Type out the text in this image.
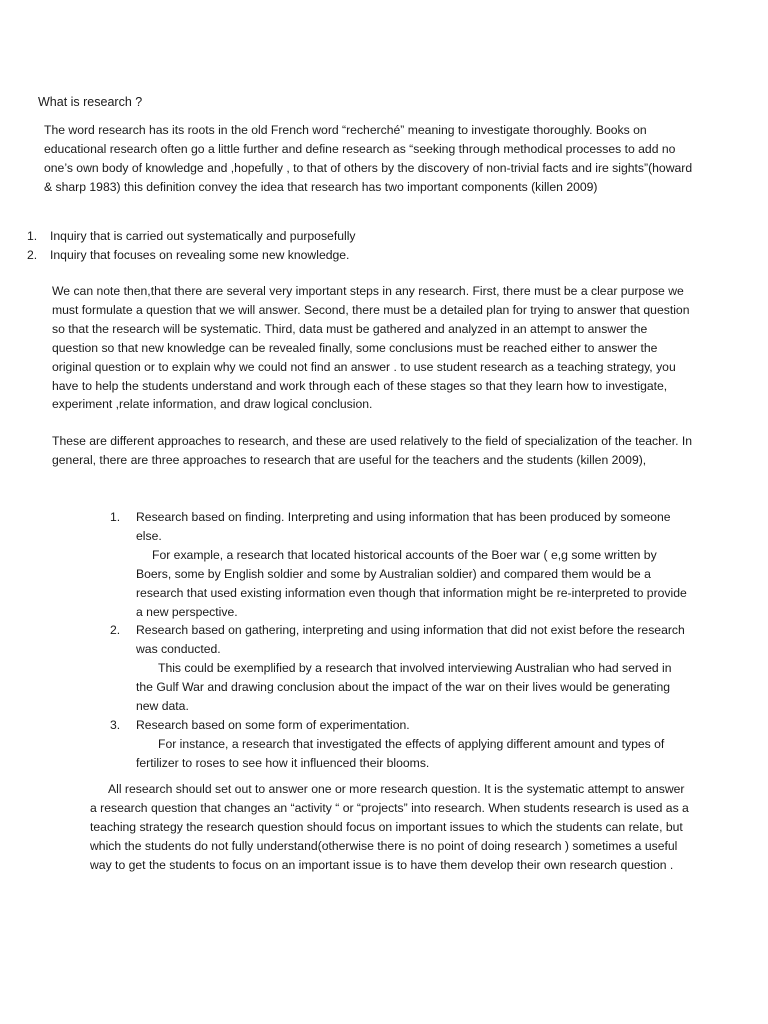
What is research ?

The word research has its roots in the old French word “recherché” meaning to investigate thoroughly. Books on educational research often go a little further and define research as “seeking through methodical processes to add no one’s own body of knowledge and ,hopefully , to that of others by the discovery of non-trivial facts and ire sights”(howard & sharp 1983) this definition convey the idea that research has two important components (killen 2009)

1. Inquiry that is carried out systematically and purposefully
2. Inquiry that focuses on revealing some new knowledge.

We can note then,that there are several very important steps in any research. First, there must be a clear purpose we must formulate a question that we will answer. Second, there must be a detailed plan for trying to answer that question so that the research will be systematic. Third, data must be gathered and analyzed in an attempt to answer the question so that new knowledge can be revealed finally, some conclusions must be reached either to answer the original question or to explain why we could not find an answer . to use student research as a teaching strategy, you have to help the students understand and work through each of these stages so that they learn how to investigate, experiment ,relate information, and draw logical conclusion.

These are different approaches to research, and these are used relatively to the field of specialization of the teacher. In general, there are three approaches to research that are useful for the teachers and the students (killen 2009),

1. Research based on finding. Interpreting and using information that has been produced by someone else.
For example, a research that located historical accounts of the Boer war ( e,g some written by Boers, some by English soldier and some by Australian soldier) and compared them would be a research that used existing information even though that information might be re-interpreted to provide a new perspective.
2. Research based on gathering, interpreting and using information that did not exist before the research was conducted.
This could be exemplified by a research that involved interviewing Australian who had served in the Gulf War and drawing conclusion about the impact of the war on their lives would be generating new data.
3. Research based on some form of experimentation.
For instance, a research that investigated the effects of applying different amount and types of fertilizer to roses to see how it influenced their blooms.

All research should set out to answer one or more research question. It is the systematic attempt to answer a research question that changes an “activity “ or “projects” into research. When students research is used as a teaching strategy the research question should focus on important issues to which the students can relate, but which the students do not fully understand(otherwise there is no point of doing research ) sometimes a useful way to get the students to focus on an important issue is to have them develop their own research question .
